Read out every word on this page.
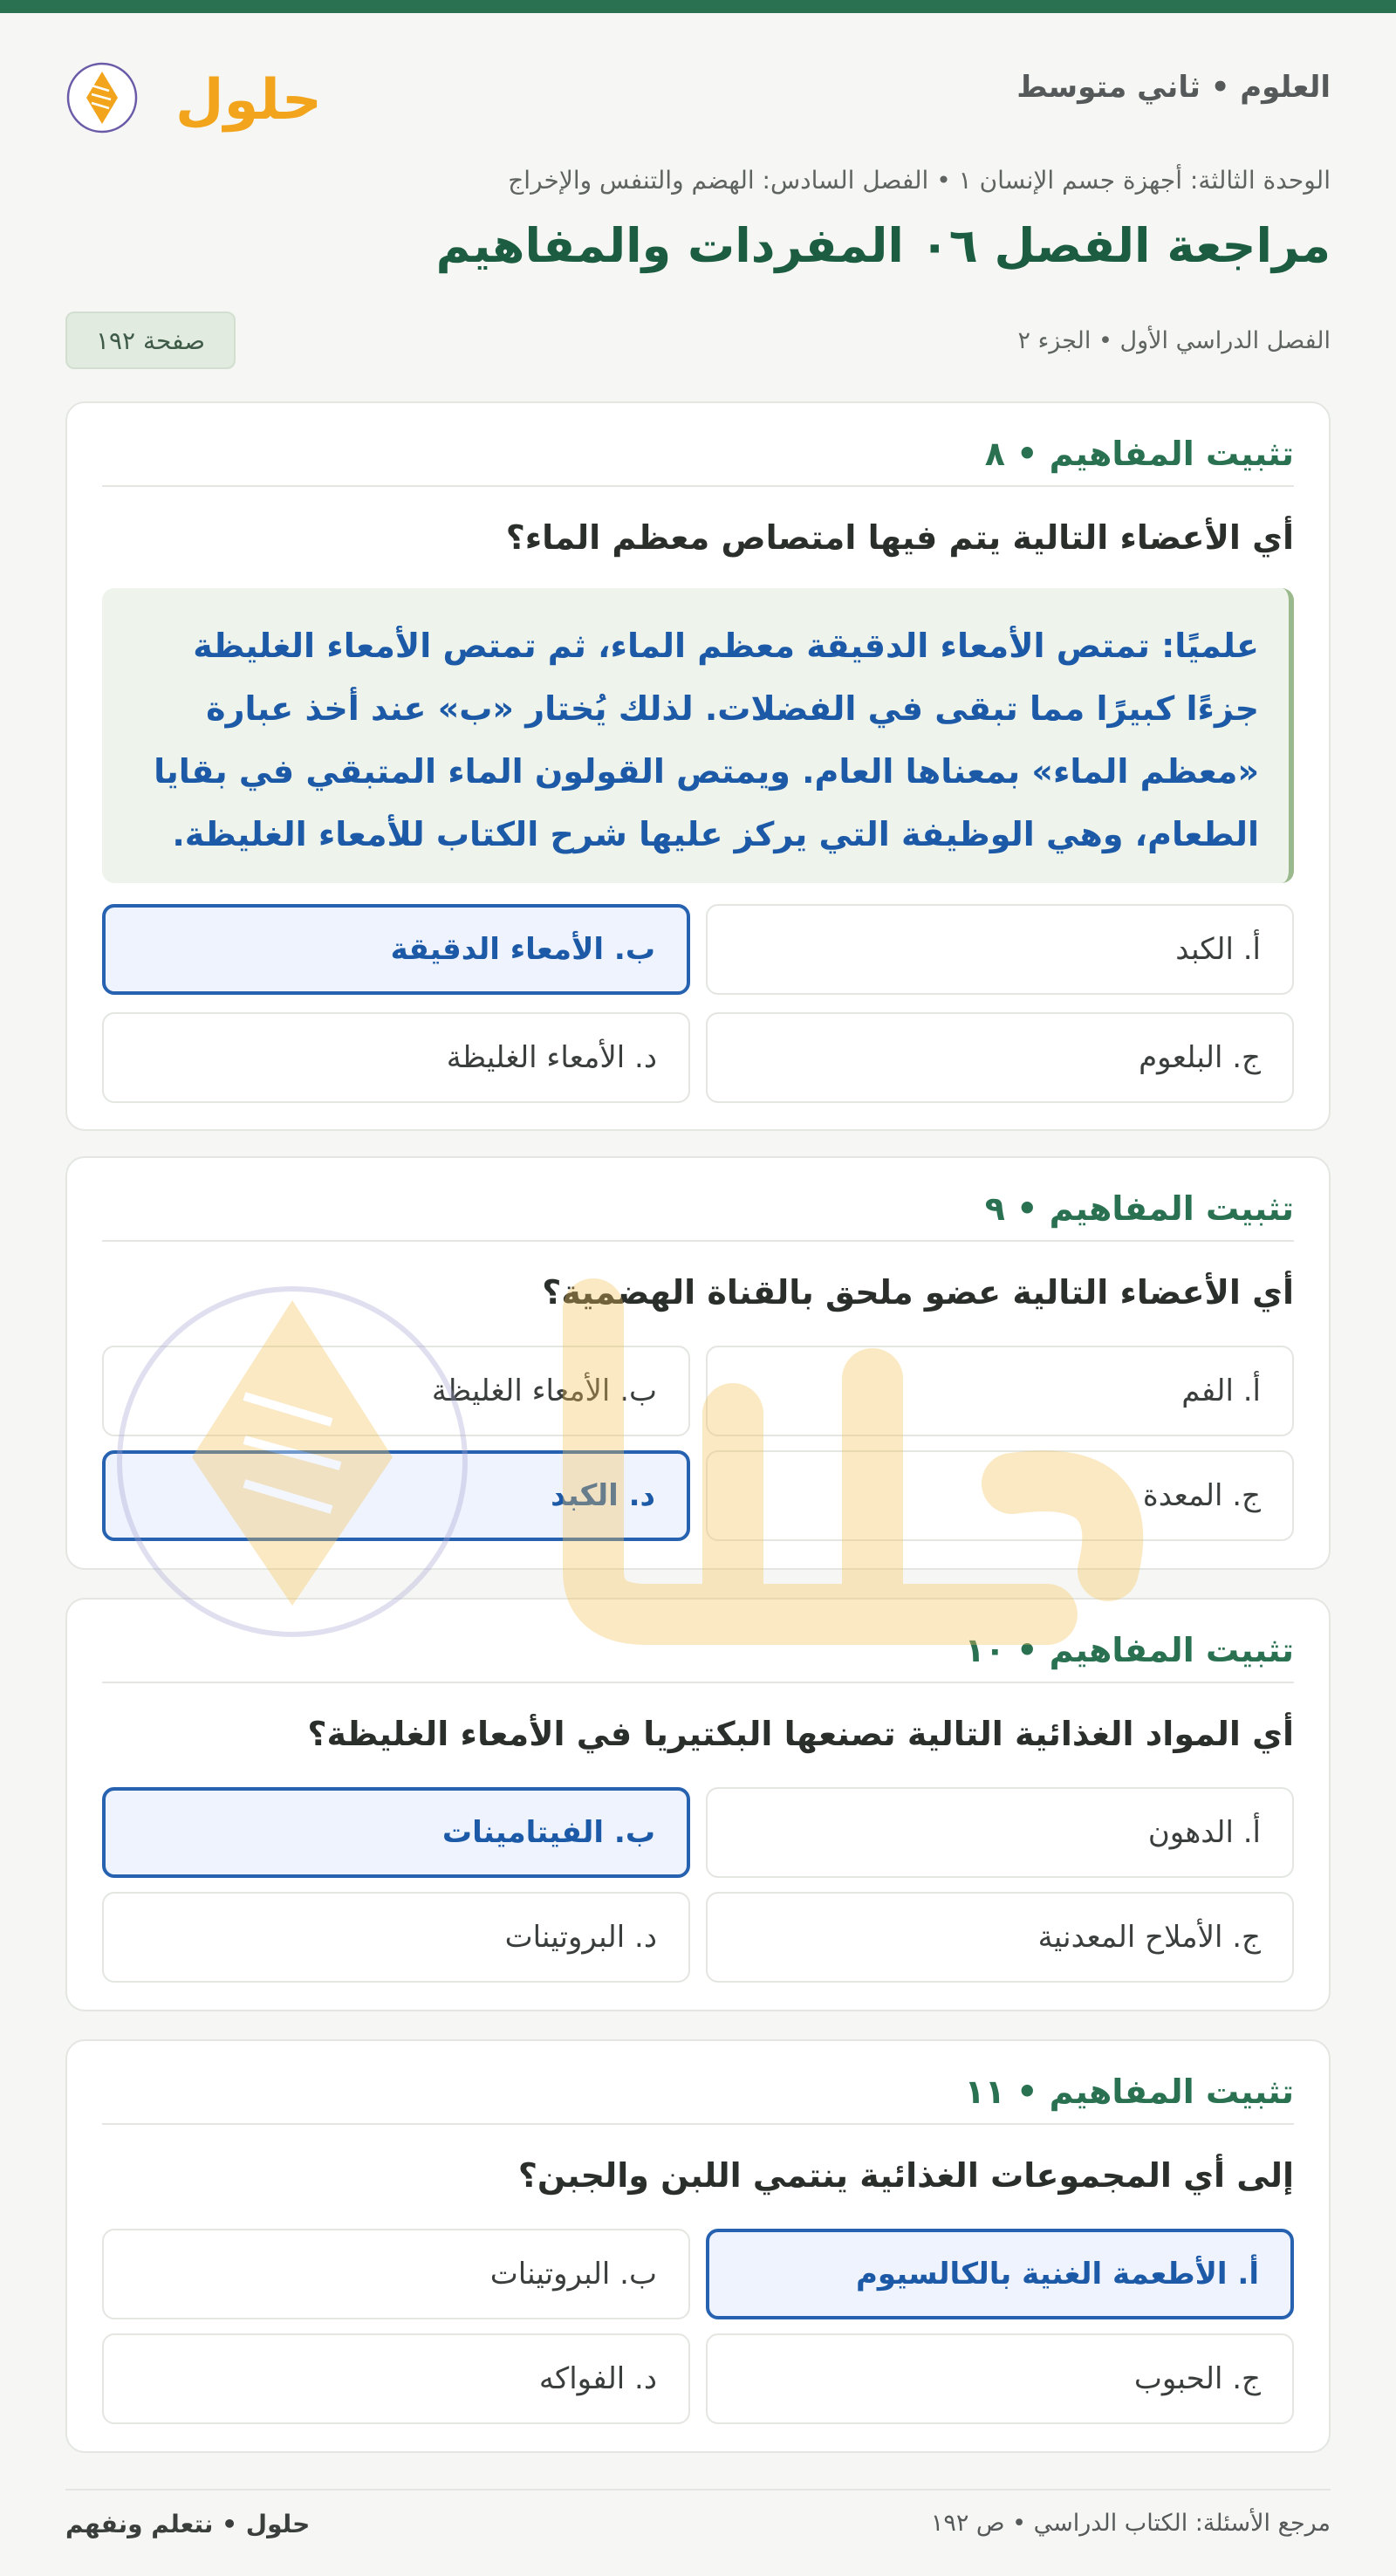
العلوم • ثاني متوسط
حلول
الوحدة الثالثة: أجهزة جسم الإنسان ١ • الفصل السادس: الهضم والتنفس والإخراج
مراجعة الفصل ٠٦ المفردات والمفاهيم
الفصل الدراسي الأول • الجزء ٢
صفحة ١٩٢
تثبيت المفاهيم • ٨
أي الأعضاء التالية يتم فيها امتصاص معظم الماء؟
علميًا: تمتص الأمعاء الدقيقة معظم الماء، ثم تمتص الأمعاء الغليظة جزءًا كبيرًا مما تبقى في الفضلات. لذلك يُختار «ب» عند أخذ عبارة «معظم الماء» بمعناها العام. ويمتص القولون الماء المتبقي في بقايا الطعام، وهي الوظيفة التي يركز عليها شرح الكتاب للأمعاء الغليظة.
أ. الكبد
ب. الأمعاء الدقيقة
ج. البلعوم
د. الأمعاء الغليظة
تثبيت المفاهيم • ٩
أي الأعضاء التالية عضو ملحق بالقناة الهضمية؟
أ. الفم
ب. الأمعاء الغليظة
ج. المعدة
د. الكبد
تثبيت المفاهيم • ١٠
أي المواد الغذائية التالية تصنعها البكتيريا في الأمعاء الغليظة؟
أ. الدهون
ب. الفيتامينات
ج. الأملاح المعدنية
د. البروتينات
تثبيت المفاهيم • ١١
إلى أي المجموعات الغذائية ينتمي اللبن والجبن؟
أ. الأطعمة الغنية بالكالسيوم
ب. البروتينات
ج. الحبوب
د. الفواكه
مرجع الأسئلة: الكتاب الدراسي • ص ١٩٢
حلول • نتعلم ونفهم
